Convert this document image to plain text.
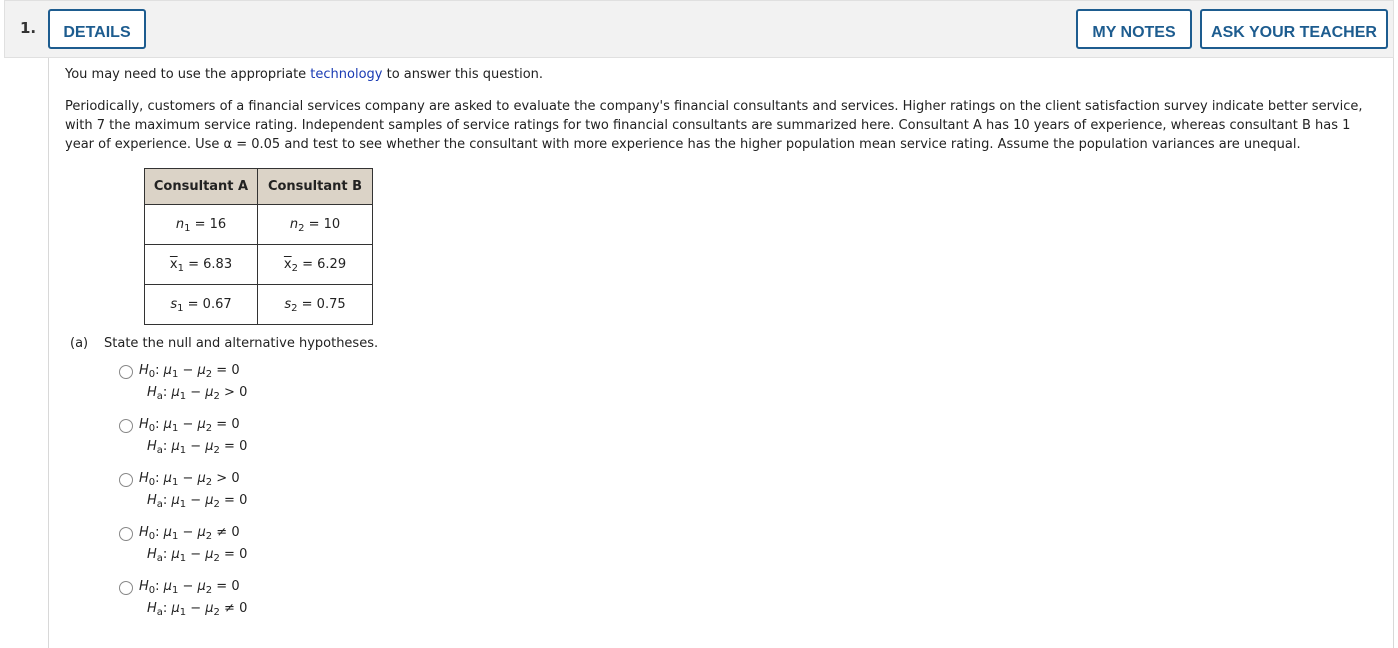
1.	DETAILS	MY NOTES	ASK YOUR TEACHER
You may need to use the appropriate technology to answer this question.
Periodically, customers of a financial services company are asked to evaluate the company's financial consultants and services. Higher ratings on the client satisfaction survey indicate better service, with 7 the maximum service rating. Independent samples of service ratings for two financial consultants are summarized here. Consultant A has 10 years of experience, whereas consultant B has 1 year of experience. Use α = 0.05 and test to see whether the consultant with more experience has the higher population mean service rating. Assume the population variances are unequal.
Consultant A	Consultant B
$n_1 = 16$	$n_2 = 10$
$\overline{x}_1 = 6.83$	$\overline{x}_2 = 6.29$
$s_1 = 0.67$	$s_2 = 0.75$
(a) State the null and alternative hypotheses.
$H_0$: $\mu_1 - \mu_2 = 0$
$H_a$: $\mu_1 - \mu_2 > 0$
$H_0$: $\mu_1 - \mu_2 = 0$
$H_a$: $\mu_1 - \mu_2 = 0$
$H_0$: $\mu_1 - \mu_2 > 0$
$H_a$: $\mu_1 - \mu_2 = 0$
$H_0$: $\mu_1 - \mu_2 \ne 0$
$H_a$: $\mu_1 - \mu_2 = 0$
$H_0$: $\mu_1 - \mu_2 = 0$
$H_a$: $\mu_1 - \mu_2 \ne 0$
